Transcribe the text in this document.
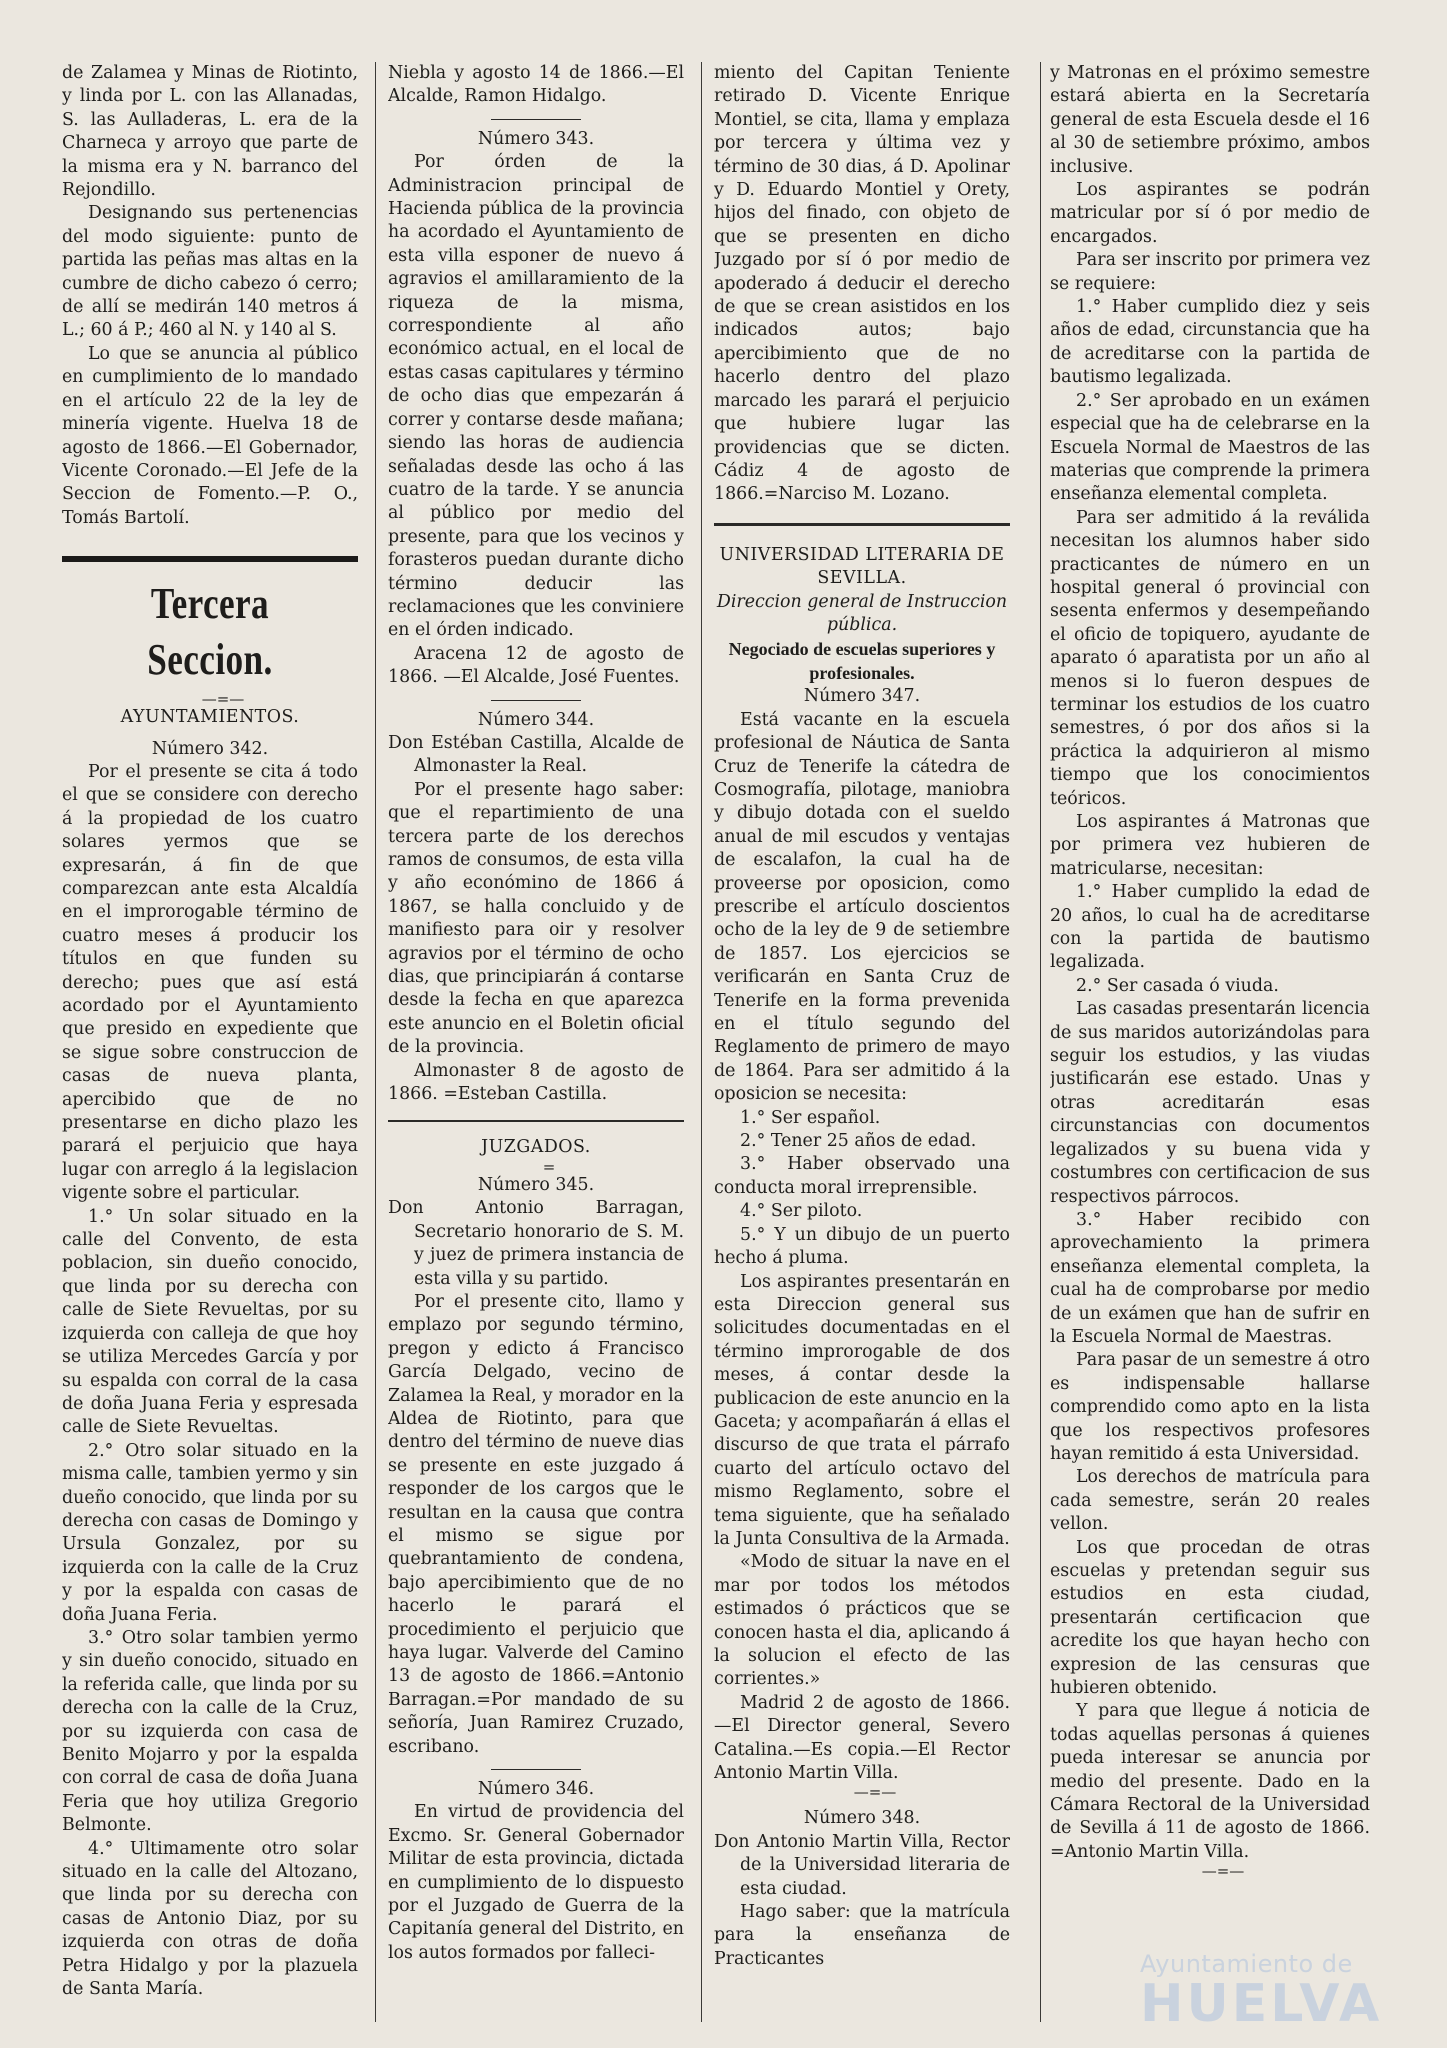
de Zalamea y Minas de Riotinto, y linda por L. con las Allanadas, S. las Aulladeras, L. era de la Charneca y arroyo que parte de la misma era y N. barranco del Rejondillo.

Designando sus pertenencias del modo siguiente: punto de partida las peñas mas altas en la cumbre de dicho cabezo ó cerro; de allí se medirán 140 metros á L.; 60 á P.; 460 al N. y 140 al S.

Lo que se anuncia al público en cumplimiento de lo mandado en el artículo 22 de la ley de minería vigente. Huelva 18 de agosto de 1866.—El Gobernador, Vicente Coronado.—El Jefe de la Seccion de Fomento.—P. O., Tomás Bartolí.

Tercera Seccion.

—=—

AYUNTAMIENTOS.

Número 342.

Por el presente se cita á todo el que se considere con derecho á la propiedad de los cuatro solares yermos que se expresarán, á fin de que comparezcan ante esta Alcaldía en el improrogable término de cuatro meses á producir los títulos en que funden su derecho; pues que así está acordado por el Ayuntamiento que presido en expediente que se sigue sobre construccion de casas de nueva planta, apercibido que de no presentarse en dicho plazo les parará el perjuicio que haya lugar con arreglo á la legislacion vigente sobre el particular.

1.° Un solar situado en la calle del Convento, de esta poblacion, sin dueño conocido, que linda por su derecha con calle de Siete Revueltas, por su izquierda con calleja de que hoy se utiliza Mercedes García y por su espalda con corral de la casa de doña Juana Feria y espresada calle de Siete Revueltas.

2.° Otro solar situado en la misma calle, tambien yermo y sin dueño conocido, que linda por su derecha con casas de Domingo y Ursula Gonzalez, por su izquierda con la calle de la Cruz y por la espalda con casas de doña Juana Feria.

3.° Otro solar tambien yermo y sin dueño conocido, situado en la referida calle, que linda por su derecha con la calle de la Cruz, por su izquierda con casa de Benito Mojarro y por la espalda con corral de casa de doña Juana Feria que hoy utiliza Gregorio Belmonte.

4.° Ultimamente otro solar situado en la calle del Altozano, que linda por su derecha con casas de Antonio Diaz, por su izquierda con otras de doña Petra Hidalgo y por la plazuela de Santa María.

Niebla y agosto 14 de 1866.—El Alcalde, Ramon Hidalgo.

Número 343.

Por órden de la Administracion principal de Hacienda pública de la provincia ha acordado el Ayuntamiento de esta villa esponer de nuevo á agravios el amillaramiento de la riqueza de la misma, correspondiente al año económico actual, en el local de estas casas capitulares y término de ocho dias que empezarán á correr y contarse desde mañana; siendo las horas de audiencia señaladas desde las ocho á las cuatro de la tarde. Y se anuncia al público por medio del presente, para que los vecinos y forasteros puedan durante dicho término deducir las reclamaciones que les conviniere en el órden indicado.

Aracena 12 de agosto de 1866. —El Alcalde, José Fuentes.

Número 344.

Don Estéban Castilla, Alcalde de Almonaster la Real.

Por el presente hago saber: que el repartimiento de una tercera parte de los derechos ramos de consumos, de esta villa y año económino de 1866 á 1867, se halla concluido y de manifiesto para oir y resolver agravios por el término de ocho dias, que principiarán á contarse desde la fecha en que aparezca este anuncio en el Boletin oficial de la provincia.

Almonaster 8 de agosto de 1866. =Esteban Castilla.

JUZGADOS.

=

Número 345.

Don Antonio Barragan, Secretario honorario de S. M. y juez de primera instancia de esta villa y su partido.

Por el presente cito, llamo y emplazo por segundo término, pregon y edicto á Francisco García Delgado, vecino de Zalamea la Real, y morador en la Aldea de Riotinto, para que dentro del término de nueve dias se presente en este juzgado á responder de los cargos que le resultan en la causa que contra el mismo se sigue por quebrantamiento de condena, bajo apercibimiento que de no hacerlo le parará el procedimiento el perjuicio que haya lugar. Valverde del Camino 13 de agosto de 1866.=Antonio Barragan.=Por mandado de su señoría, Juan Ramirez Cruzado, escribano.

Número 346.

En virtud de providencia del Excmo. Sr. General Gobernador Militar de esta provincia, dictada en cumplimiento de lo dispuesto por el Juzgado de Guerra de la Capitanía general del Distrito, en los autos formados por falleci-

miento del Capitan Teniente retirado D. Vicente Enrique Montiel, se cita, llama y emplaza por tercera y última vez y término de 30 dias, á D. Apolinar y D. Eduardo Montiel y Orety, hijos del finado, con objeto de que se presenten en dicho Juzgado por sí ó por medio de apoderado á deducir el derecho de que se crean asistidos en los indicados autos; bajo apercibimiento que de no hacerlo dentro del plazo marcado les parará el perjuicio que hubiere lugar las providencias que se dicten. Cádiz 4 de agosto de 1866.=Narciso M. Lozano.

UNIVERSIDAD LITERARIA DE

SEVILLA.

Direccion general de Instruccion pública.

Negociado de escuelas superiores y profesionales.

Número 347.

Está vacante en la escuela profesional de Náutica de Santa Cruz de Tenerife la cátedra de Cosmografía, pilotage, maniobra y dibujo dotada con el sueldo anual de mil escudos y ventajas de escalafon, la cual ha de proveerse por oposicion, como prescribe el artículo doscientos ocho de la ley de 9 de setiembre de 1857. Los ejercicios se verificarán en Santa Cruz de Tenerife en la forma prevenida en el título segundo del Reglamento de primero de mayo de 1864. Para ser admitido á la oposicion se necesita:

1.° Ser español.

2.° Tener 25 años de edad.

3.° Haber observado una conducta moral irreprensible.

4.° Ser piloto.

5.° Y un dibujo de un puerto hecho á pluma.

Los aspirantes presentarán en esta Direccion general sus solicitudes documentadas en el término improrogable de dos meses, á contar desde la publicacion de este anuncio en la Gaceta; y acompañarán á ellas el discurso de que trata el párrafo cuarto del artículo octavo del mismo Reglamento, sobre el tema siguiente, que ha señalado la Junta Consultiva de la Armada.

«Modo de situar la nave en el mar por todos los métodos estimados ó prácticos que se conocen hasta el dia, aplicando á la solucion el efecto de las corrientes.»

Madrid 2 de agosto de 1866.—El Director general, Severo Catalina.—Es copia.—El Rector Antonio Martin Villa.

—=—

Número 348.

Don Antonio Martin Villa, Rector de la Universidad literaria de esta ciudad.

Hago saber: que la matrícula para la enseñanza de Practicantes

y Matronas en el próximo semestre estará abierta en la Secretaría general de esta Escuela desde el 16 al 30 de setiembre próximo, ambos inclusive.

Los aspirantes se podrán matricular por sí ó por medio de encargados.

Para ser inscrito por primera vez se requiere:

1.° Haber cumplido diez y seis años de edad, circunstancia que ha de acreditarse con la partida de bautismo legalizada.

2.° Ser aprobado en un exámen especial que ha de celebrarse en la Escuela Normal de Maestros de las materias que comprende la primera enseñanza elemental completa.

Para ser admitido á la reválida necesitan los alumnos haber sido practicantes de número en un hospital general ó provincial con sesenta enfermos y desempeñando el oficio de topiquero, ayudante de aparato ó aparatista por un año al menos si lo fueron despues de terminar los estudios de los cuatro semestres, ó por dos años si la práctica la adquirieron al mismo tiempo que los conocimientos teóricos.

Los aspirantes á Matronas que por primera vez hubieren de matricularse, necesitan:

1.° Haber cumplido la edad de 20 años, lo cual ha de acreditarse con la partida de bautismo legalizada.

2.° Ser casada ó viuda.

Las casadas presentarán licencia de sus maridos autorizándolas para seguir los estudios, y las viudas justificarán ese estado. Unas y otras acreditarán esas circunstancias con documentos legalizados y su buena vida y costumbres con certificacion de sus respectivos párrocos.

3.° Haber recibido con aprovechamiento la primera enseñanza elemental completa, la cual ha de comprobarse por medio de un exámen que han de sufrir en la Escuela Normal de Maestras.

Para pasar de un semestre á otro es indispensable hallarse comprendido como apto en la lista que los respectivos profesores hayan remitido á esta Universidad.

Los derechos de matrícula para cada semestre, serán 20 reales vellon.

Los que procedan de otras escuelas y pretendan seguir sus estudios en esta ciudad, presentarán certificacion que acredite los que hayan hecho con expresion de las censuras que hubieren obtenido.

Y para que llegue á noticia de todas aquellas personas á quienes pueda interesar se anuncia por medio del presente. Dado en la Cámara Rectoral de la Universidad de Sevilla á 11 de agosto de 1866. =Antonio Martin Villa.

—=—

Ayuntamiento de
HUELVA
